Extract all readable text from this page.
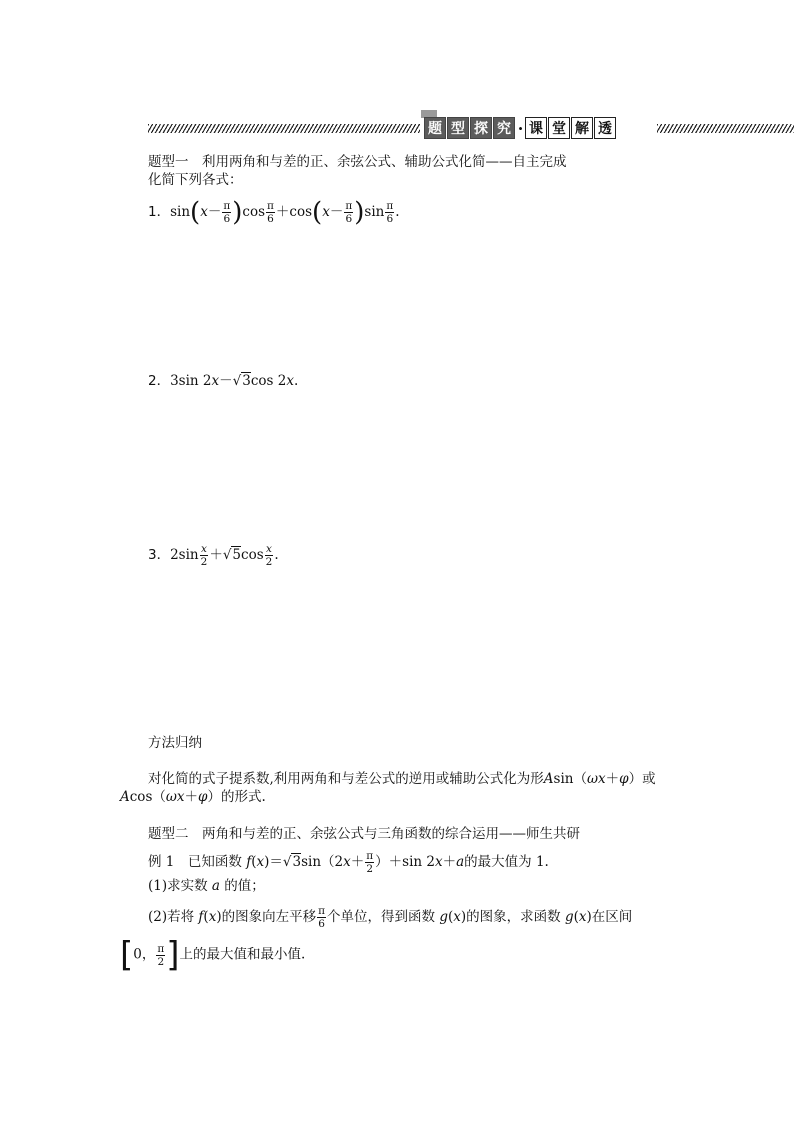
题 型 探 究 · 课 堂 解 透
题型一　利用两角和与差的正、余弦公式、辅助公式化简——自主完成
化简下列各式：
1．$\sin(x- \frac{\pi}{6} )\cos \frac{\pi}{6} +\cos(x- \frac{\pi}{6} )\sin \frac{\pi}{6}$ .
2．3sin 2x－√3cos 2x.
3．$2\sin \frac{x}{2} +√5\cos \frac{x}{2}$ .
方法归纳
对化简的式子提系数,利用两角和与差公式的逆用或辅助公式化为形Asin（ωx＋φ）或
Acos（ωx＋φ）的形式.
题型二　两角和与差的正、余弦公式与三角函数的综合运用——师生共研
例 1　已知函数 $f(x)=√3\sin(2x+ \frac{\pi}{2} )+\sin$ 2x＋a的最大值为 1.
(1)求实数 a 的值；
(2)若将 f(x)的图象向左平移 $\frac{\pi}{6}$ 个单位，得到函数 g(x)的图象，求函数 g(x)在区间
[0， $\frac{\pi}{2}$ ]上的最大值和最小值.
